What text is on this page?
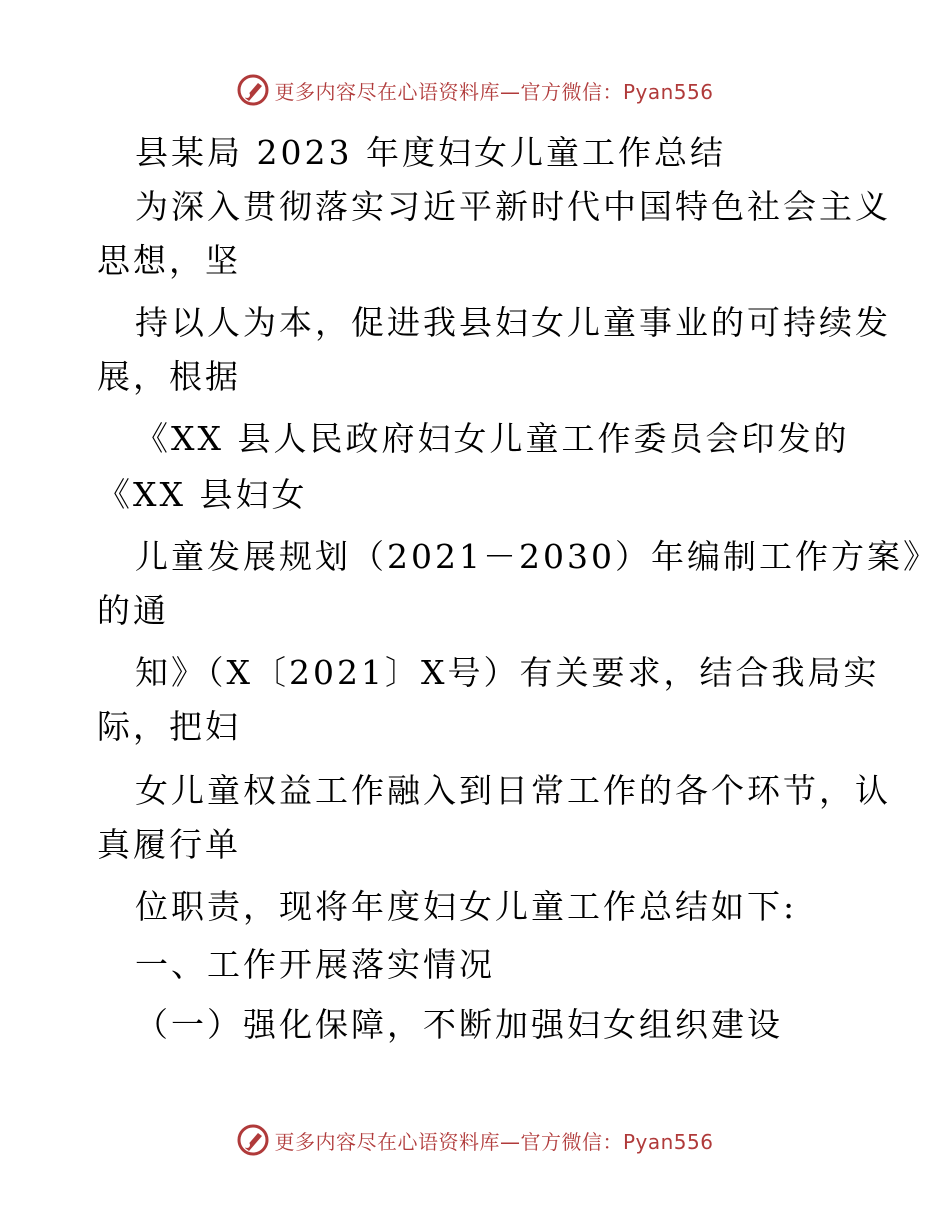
更多内容尽在心语资料库—官方微信：Pyan556
县某局 2023 年度妇女儿童工作总结
为深入贯彻落实习近平新时代中国特色社会主义
思想，坚
持以人为本，促进我县妇女儿童事业的可持续发
展，根据
《XX 县人民政府妇女儿童工作委员会印发的
《XX 县妇女
儿童发展规划（2021－2030）年编制工作方案》
的通
知》（X〔2021〕X号）有关要求，结合我局实
际，把妇
女儿童权益工作融入到日常工作的各个环节，认
真履行单
位职责，现将年度妇女儿童工作总结如下:
一、工作开展落实情况
（一）强化保障，不断加强妇女组织建设
更多内容尽在心语资料库—官方微信：Pyan556
